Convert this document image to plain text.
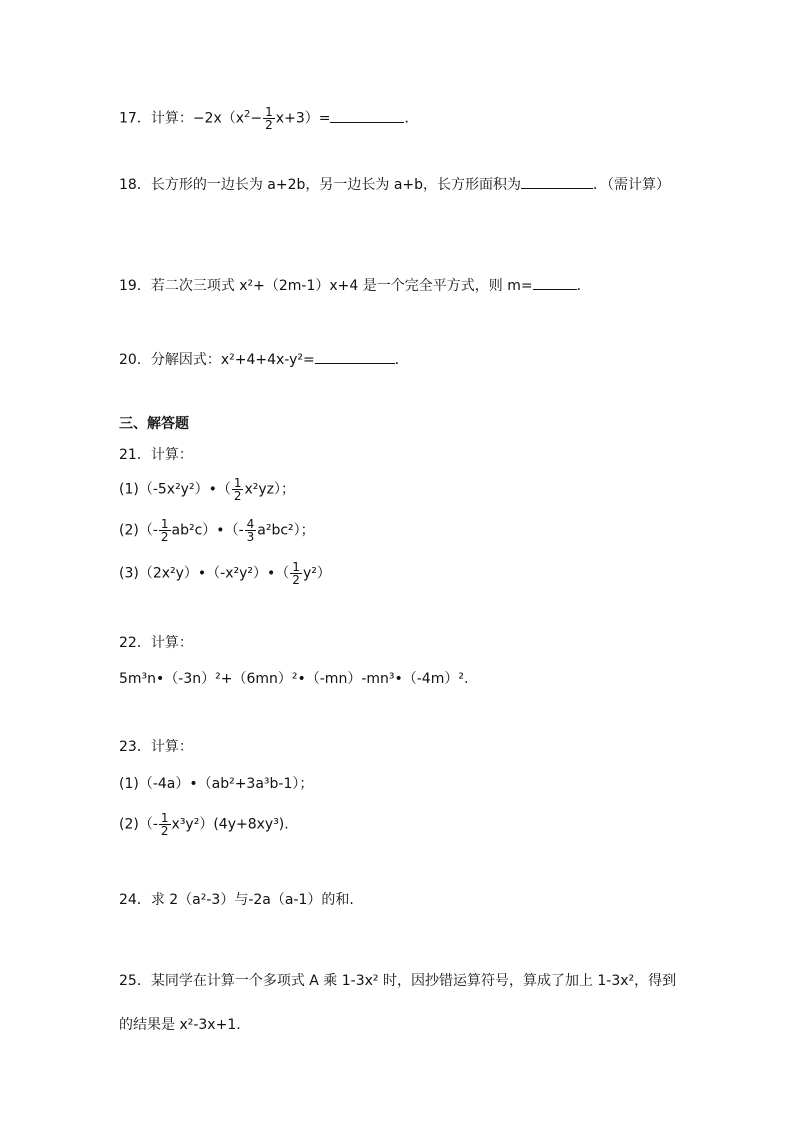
17．计算：$-2x(x^2- \frac{1}{2} x+3)=$	．
18．长方形的一边长为 a+2b，另一边长为 a+b，长方形面积为	．（需计算）
19．若二次三项式 x²+（2m-1）x+4 是一个完全平方式，则 m=	．
20．分解因式：x²+4+4x-y²=	．
三、解答题
21．计算：
(1)（-5x²y²）•（ $\frac{1}{2} x^2yz$）；
$(2)(- \frac{1}{2}$ ab²c）•（- $\frac{4}{3} a^2bc^2$）；
(3)（2x²y）•（-x²y²）•（ $\frac{1}{2} y^2$）
22．计算：
5m³n•（-3n）²+（6mn）²•（-mn）-mn³•（-4m）².
23．计算：
(1)（-4a）•（ab²+3a³b-1）；
$(2)(- \frac{1}{2} x^3y^2)(4y+8xy^3)$.
24．求 2（a²-3）与-2a（a-1）的和.
25．某同学在计算一个多项式 A 乘 1-3x² 时，因抄错运算符号，算成了加上 1-3x²，得到的结果是 x²-3x+1.
